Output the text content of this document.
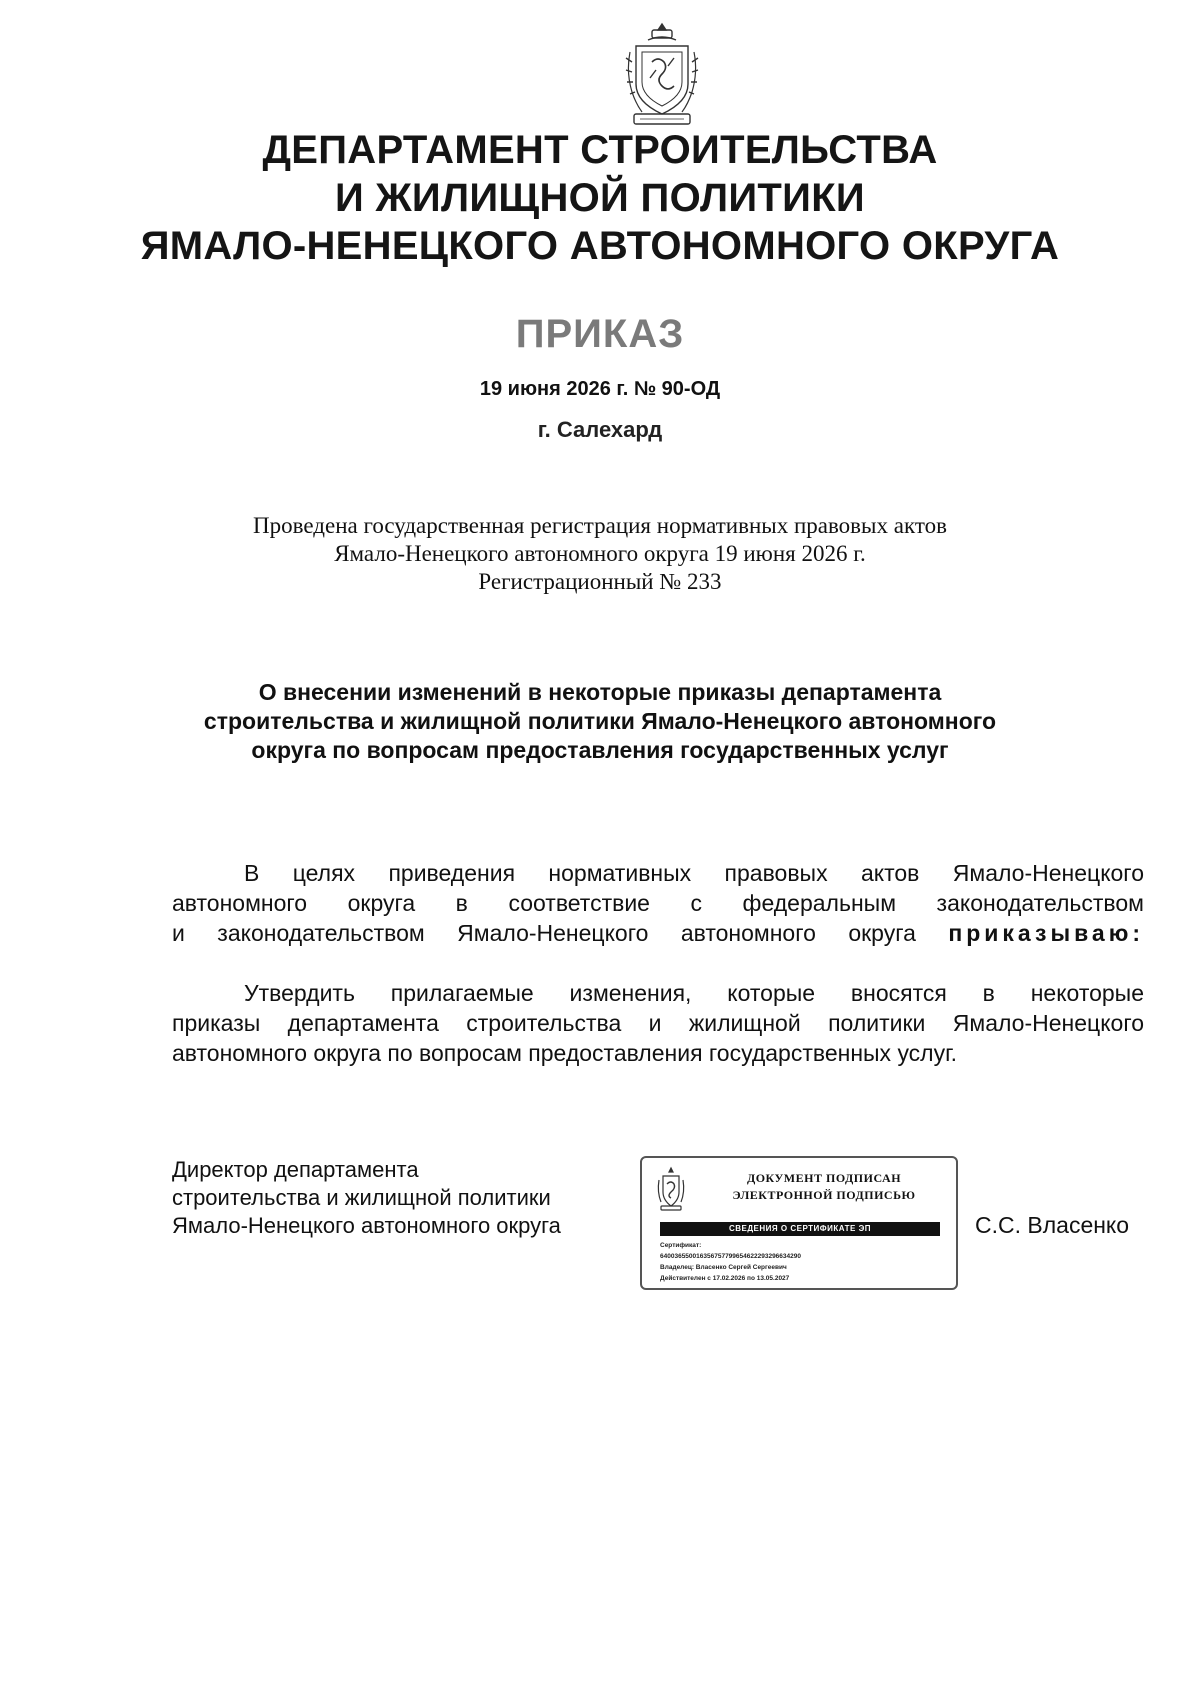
ДЕПАРТАМЕНТ СТРОИТЕЛЬСТВА
И ЖИЛИЩНОЙ ПОЛИТИКИ
ЯМАЛО-НЕНЕЦКОГО АВТОНОМНОГО ОКРУГА
ПРИКАЗ
19 июня 2026 г. № 90-ОД
г. Салехард
Проведена государственная регистрация нормативных правовых актов
Ямало-Ненецкого автономного округа 19 июня 2026 г.
Регистрационный № 233
О внесении изменений в некоторые приказы департамента
строительства и жилищной политики Ямало-Ненецкого автономного
округа по вопросам предоставления государственных услуг
В целях приведения нормативных правовых актов Ямало-Ненецкого
автономного округа в соответствие с федеральным законодательством
и законодательством Ямало-Ненецкого автономного округа приказываю:
Утвердить прилагаемые изменения, которые вносятся в некоторые
приказы департамента строительства и жилищной политики Ямало-Ненецкого
автономного округа по вопросам предоставления государственных услуг.
Директор департамента
строительства и жилищной политики
Ямало-Ненецкого автономного округа
ДОКУМЕНТ ПОДПИСАН
ЭЛЕКТРОННОЙ ПОДПИСЬЮ
СВЕДЕНИЯ О СЕРТИФИКАТЕ ЭП
Сертификат:
640036550016356757799654622293296634290
Владелец: Власенко Сергей Сергеевич
Действителен с 17.02.2026 по 13.05.2027
С.С. Власенко
